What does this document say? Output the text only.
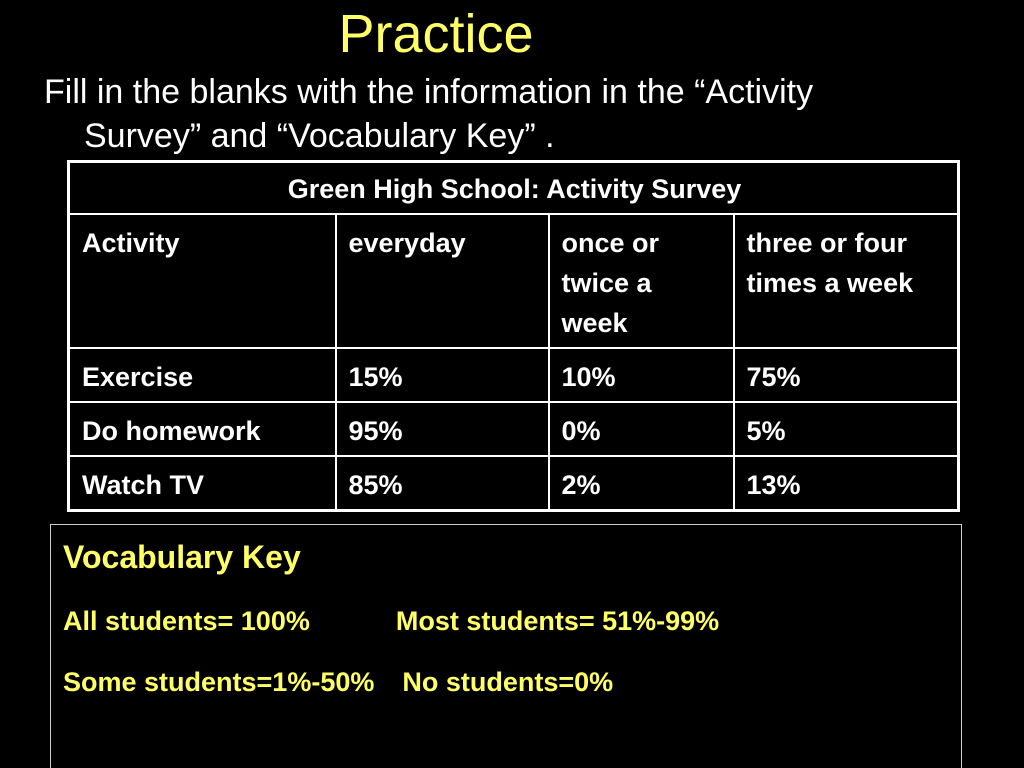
Practice
Fill in the blanks with the information in the “Activity
Survey” and “Vocabulary Key” .
Green High School: Activity Survey			
Activity	everyday	once or twice a week	three or four times a week
Exercise	15%	10%	75%
Do homework	95%	0%	5%
Watch TV	85%	2%	13%
Vocabulary Key
All students= 100%	Most students= 51%-99%
Some students=1%-50% No students=0%
